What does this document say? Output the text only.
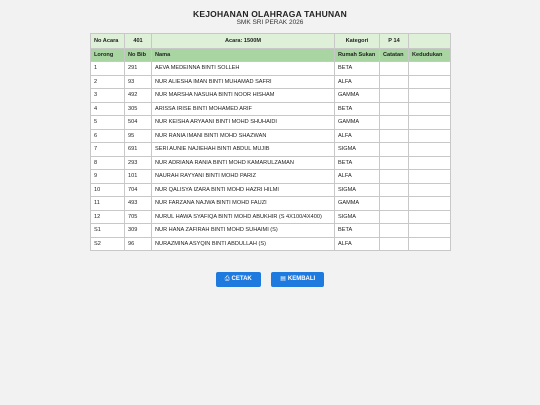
KEJOHANAN OLAHRAGA TAHUNAN
SMK SRI PERAK 2026
No Acara	401	Acara: 1500M	Kategori	P 14	
Lorong	No Bib	Nama	Rumah Sukan	Catatan	Kedudukan
1	291	AEVA MEDEINNA BINTI SOLLEH	BETA		
2	93	NUR ALIESHA IMAN BINTI MUHAMAD SAFRI	ALFA		
3	492	NUR MARSHA NASUHA BINTI NOOR HISHAM	GAMMA		
4	305	ARISSA IRISE BINTI MOHAMED ARIF	BETA		
5	504	NUR KEISHA ARYAANI BINTI MOHD SHUHAIDI	GAMMA		
6	95	NUR RANIA IMANI BINTI MOHD SHAZWAN	ALFA		
7	691	SERI AUNIE NAJIEHAH BINTI ABDUL MUJIB	SIGMA		
8	293	NUR ADRIANA RANIA BINTI MOHD KAMARULZAMAN	BETA		
9	101	NAURAH RAYYANI BINTI MOHD PARIZ	ALFA		
10	704	NUR QALISYA IZARA BINTI MOHD HAZRI HILMI	SIGMA		
11	493	NUR FARZANA NAJWA BINTI MOHD FAUZI	GAMMA		
12	705	NURUL HAWA SYAFIQA BINTI MOHD ABUKHIR (S 4X100/4X400)	SIGMA		
S1	309	NUR HANA ZAFIRAH BINTI MOHD SUHAIMI (S)	BETA		
S2	96	NURAZMINA ASYQIN BINTI ABDULLAH (S)	ALFA		
⎙ CETAK	▤ KEMBALI
